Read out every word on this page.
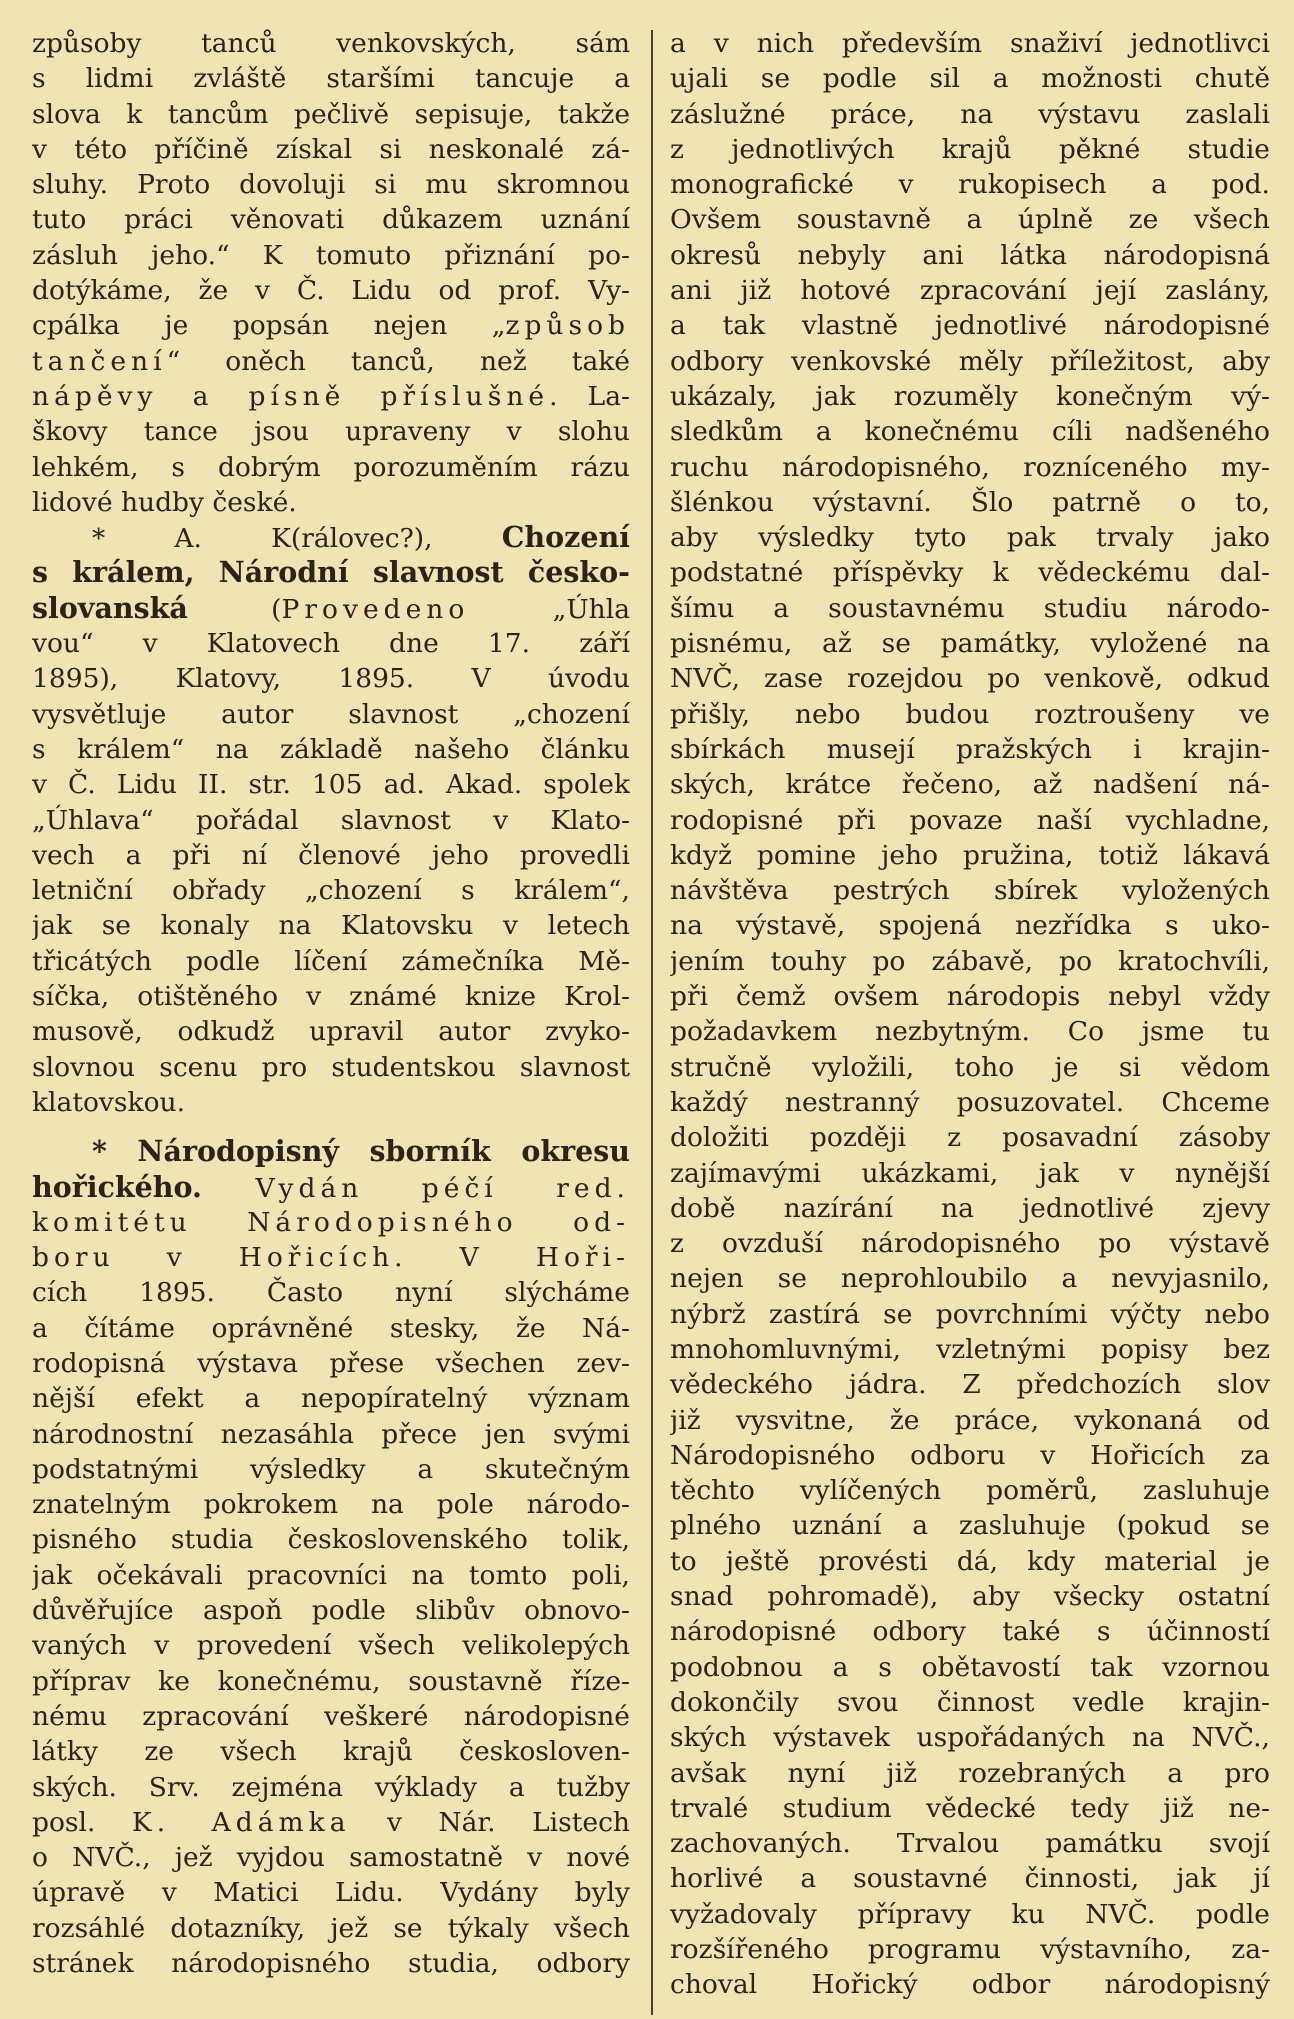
způsoby tanců venkovských, sám
s lidmi zvláště staršími tancuje a
slova k tancům pečlivě sepisuje, takže
v této příčině získal si neskonalé zá-
sluhy. Proto dovoluji si mu skromnou
tuto práci věnovati důkazem uznání
zásluh jeho.“ K tomuto přiznání po-
dotýkáme, že v Č. Lidu od prof. Vy-
cpálka je popsán nejen „způsob
tančení“ oněch tanců, než také
nápěvy a písně příslušné. La-
škovy tance jsou upraveny v slohu
lehkém, s dobrým porozuměním rázu
lidové hudby české.
* A. K(rálovec?), Chození
s králem, Národní slavnost česko-
slovanská (Provedeno „Úhla
vou“ v Klatovech dne 17. září
1895), Klatovy, 1895. V úvodu
vysvětluje autor slavnost „chození
s králem“ na základě našeho článku
v Č. Lidu II. str. 105 ad. Akad. spolek
„Úhlava“ pořádal slavnost v Klato-
vech a při ní členové jeho provedli
letniční obřady „chození s králem“,
jak se konaly na Klatovsku v letech
třicátých podle líčení zámečníka Mě-
síčka, otištěného v známé knize Krol-
musově, odkudž upravil autor zvyko-
slovnou scenu pro studentskou slavnost
klatovskou.
* Národopisný sborník okresu
hořického. Vydán péčí red.
komitétu Národopisného od-
boru v Hořicích. V Hoři-
cích 1895. Často nyní slýcháme
a čítáme oprávněné stesky, že Ná-
rodopisná výstava přese všechen zev-
nější efekt a nepopíratelný význam
národnostní nezasáhla přece jen svými
podstatnými výsledky a skutečným
znatelným pokrokem na pole národo-
pisného studia československého tolik,
jak očekávali pracovníci na tomto poli,
důvěřujíce aspoň podle slibův obnovo-
vaných v provedení všech velikolepých
příprav ke konečnému, soustavně říze-
nému zpracování veškeré národopisné
látky ze všech krajů českosloven-
ských. Srv. zejména výklady a tužby
posl. K. Adámka v Nár. Listech
o NVČ., jež vyjdou samostatně v nové
úpravě v Matici Lidu. Vydány byly
rozsáhlé dotazníky, jež se týkaly všech
stránek národopisného studia, odbory
a v nich především snaživí jednotlivci
ujali se podle sil a možnosti chutě
záslužné práce, na výstavu zaslali
z jednotlivých krajů pěkné studie
monografické v rukopisech a pod.
Ovšem soustavně a úplně ze všech
okresů nebyly ani látka národopisná
ani již hotové zpracování její zaslány,
a tak vlastně jednotlivé národopisné
odbory venkovské měly příležitost, aby
ukázaly, jak rozuměly konečným vý-
sledkům a konečnému cíli nadšeného
ruchu národopisného, rozníceného my-
šlénkou výstavní. Šlo patrně o to,
aby výsledky tyto pak trvaly jako
podstatné příspěvky k vědeckému dal-
šímu a soustavnému studiu národo-
pisnému, až se památky, vyložené na
NVČ, zase rozejdou po venkově, odkud
přišly, nebo budou roztroušeny ve
sbírkách musejí pražských i krajin-
ských, krátce řečeno, až nadšení ná-
rodopisné při povaze naší vychladne,
když pomine jeho pružina, totiž lákavá
návštěva pestrých sbírek vyložených
na výstavě, spojená nezřídka s uko-
jením touhy po zábavě, po kratochvíli,
při čemž ovšem národopis nebyl vždy
požadavkem nezbytným. Co jsme tu
stručně vyložili, toho je si vědom
každý nestranný posuzovatel. Chceme
doložiti později z posavadní zásoby
zajímavými ukázkami, jak v nynější
době nazírání na jednotlivé zjevy
z ovzduší národopisného po výstavě
nejen se neprohloubilo a nevyjasnilo,
nýbrž zastírá se povrchními výčty nebo
mnohomluvnými, vzletnými popisy bez
vědeckého jádra. Z předchozích slov
již vysvitne, že práce, vykonaná od
Národopisného odboru v Hořicích za
těchto vylíčených poměrů, zasluhuje
plného uznání a zasluhuje (pokud se
to ještě provésti dá, kdy material je
snad pohromadě), aby všecky ostatní
národopisné odbory také s účinností
podobnou a s obětavostí tak vzornou
dokončily svou činnost vedle krajin-
ských výstavek uspořádaných na NVČ.,
avšak nyní již rozebraných a pro
trvalé studium vědecké tedy již ne-
zachovaných. Trvalou památku svojí
horlivé a soustavné činnosti, jak jí
vyžadovaly přípravy ku NVČ. podle
rozšířeného programu výstavního, za-
choval Hořický odbor národopisný
